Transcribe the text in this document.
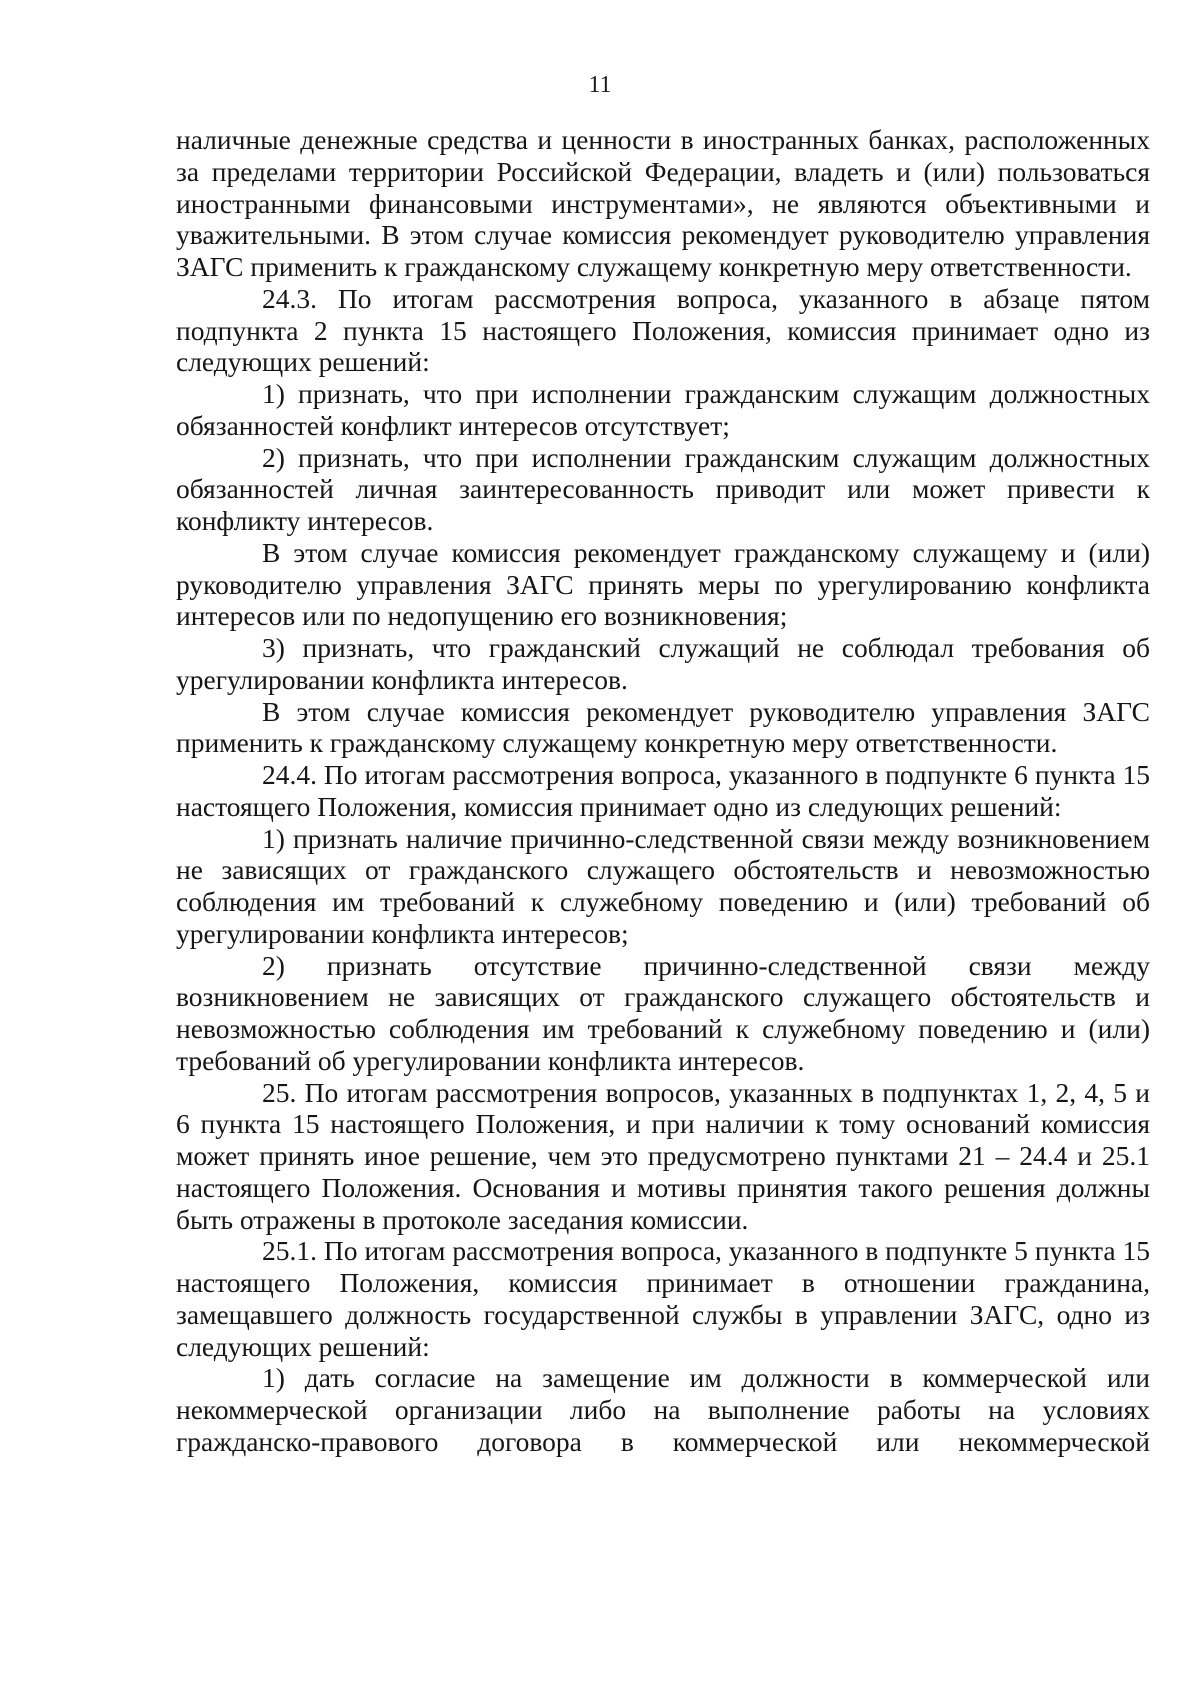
11

наличные денежные средства и ценности в иностранных банках, расположенных за пределами территории Российской Федерации, владеть и (или) пользоваться иностранными финансовыми инструментами», не являются объективными и уважительными. В этом случае комиссия рекомендует руководителю управления ЗАГС применить к гражданскому служащему конкретную меру ответственности.

24.3. По итогам рассмотрения вопроса, указанного в абзаце пятом подпункта 2 пункта 15 настоящего Положения, комиссия принимает одно из следующих решений:

1) признать, что при исполнении гражданским служащим должностных обязанностей конфликт интересов отсутствует;

2) признать, что при исполнении гражданским служащим должностных обязанностей личная заинтересованность приводит или может привести к конфликту интересов.

В этом случае комиссия рекомендует гражданскому служащему и (или) руководителю управления ЗАГС принять меры по урегулированию конфликта интересов или по недопущению его возникновения;

3) признать, что гражданский служащий не соблюдал требования об урегулировании конфликта интересов.

В этом случае комиссия рекомендует руководителю управления ЗАГС применить к гражданскому служащему конкретную меру ответственности.

24.4. По итогам рассмотрения вопроса, указанного в подпункте 6 пункта 15 настоящего Положения, комиссия принимает одно из следующих решений:

1) признать наличие причинно-следственной связи между возникновением не зависящих от гражданского служащего обстоятельств и невозможностью соблюдения им требований к служебному поведению и (или) требований об урегулировании конфликта интересов;

2) признать отсутствие причинно-следственной связи между возникновением не зависящих от гражданского служащего обстоятельств и невозможностью соблюдения им требований к служебному поведению и (или) требований об урегулировании конфликта интересов.

25. По итогам рассмотрения вопросов, указанных в подпунктах 1, 2, 4, 5 и 6 пункта 15 настоящего Положения, и при наличии к тому оснований комиссия может принять иное решение, чем это предусмотрено пунктами 21 – 24.4 и 25.1 настоящего Положения. Основания и мотивы принятия такого решения должны быть отражены в протоколе заседания комиссии.

25.1. По итогам рассмотрения вопроса, указанного в подпункте 5 пункта 15 настоящего Положения, комиссия принимает в отношении гражданина, замещавшего должность государственной службы в управлении ЗАГС, одно из следующих решений:

1) дать согласие на замещение им должности в коммерческой или некоммерческой организации либо на выполнение работы на условиях гражданско-правового договора в коммерческой или некоммерческой
